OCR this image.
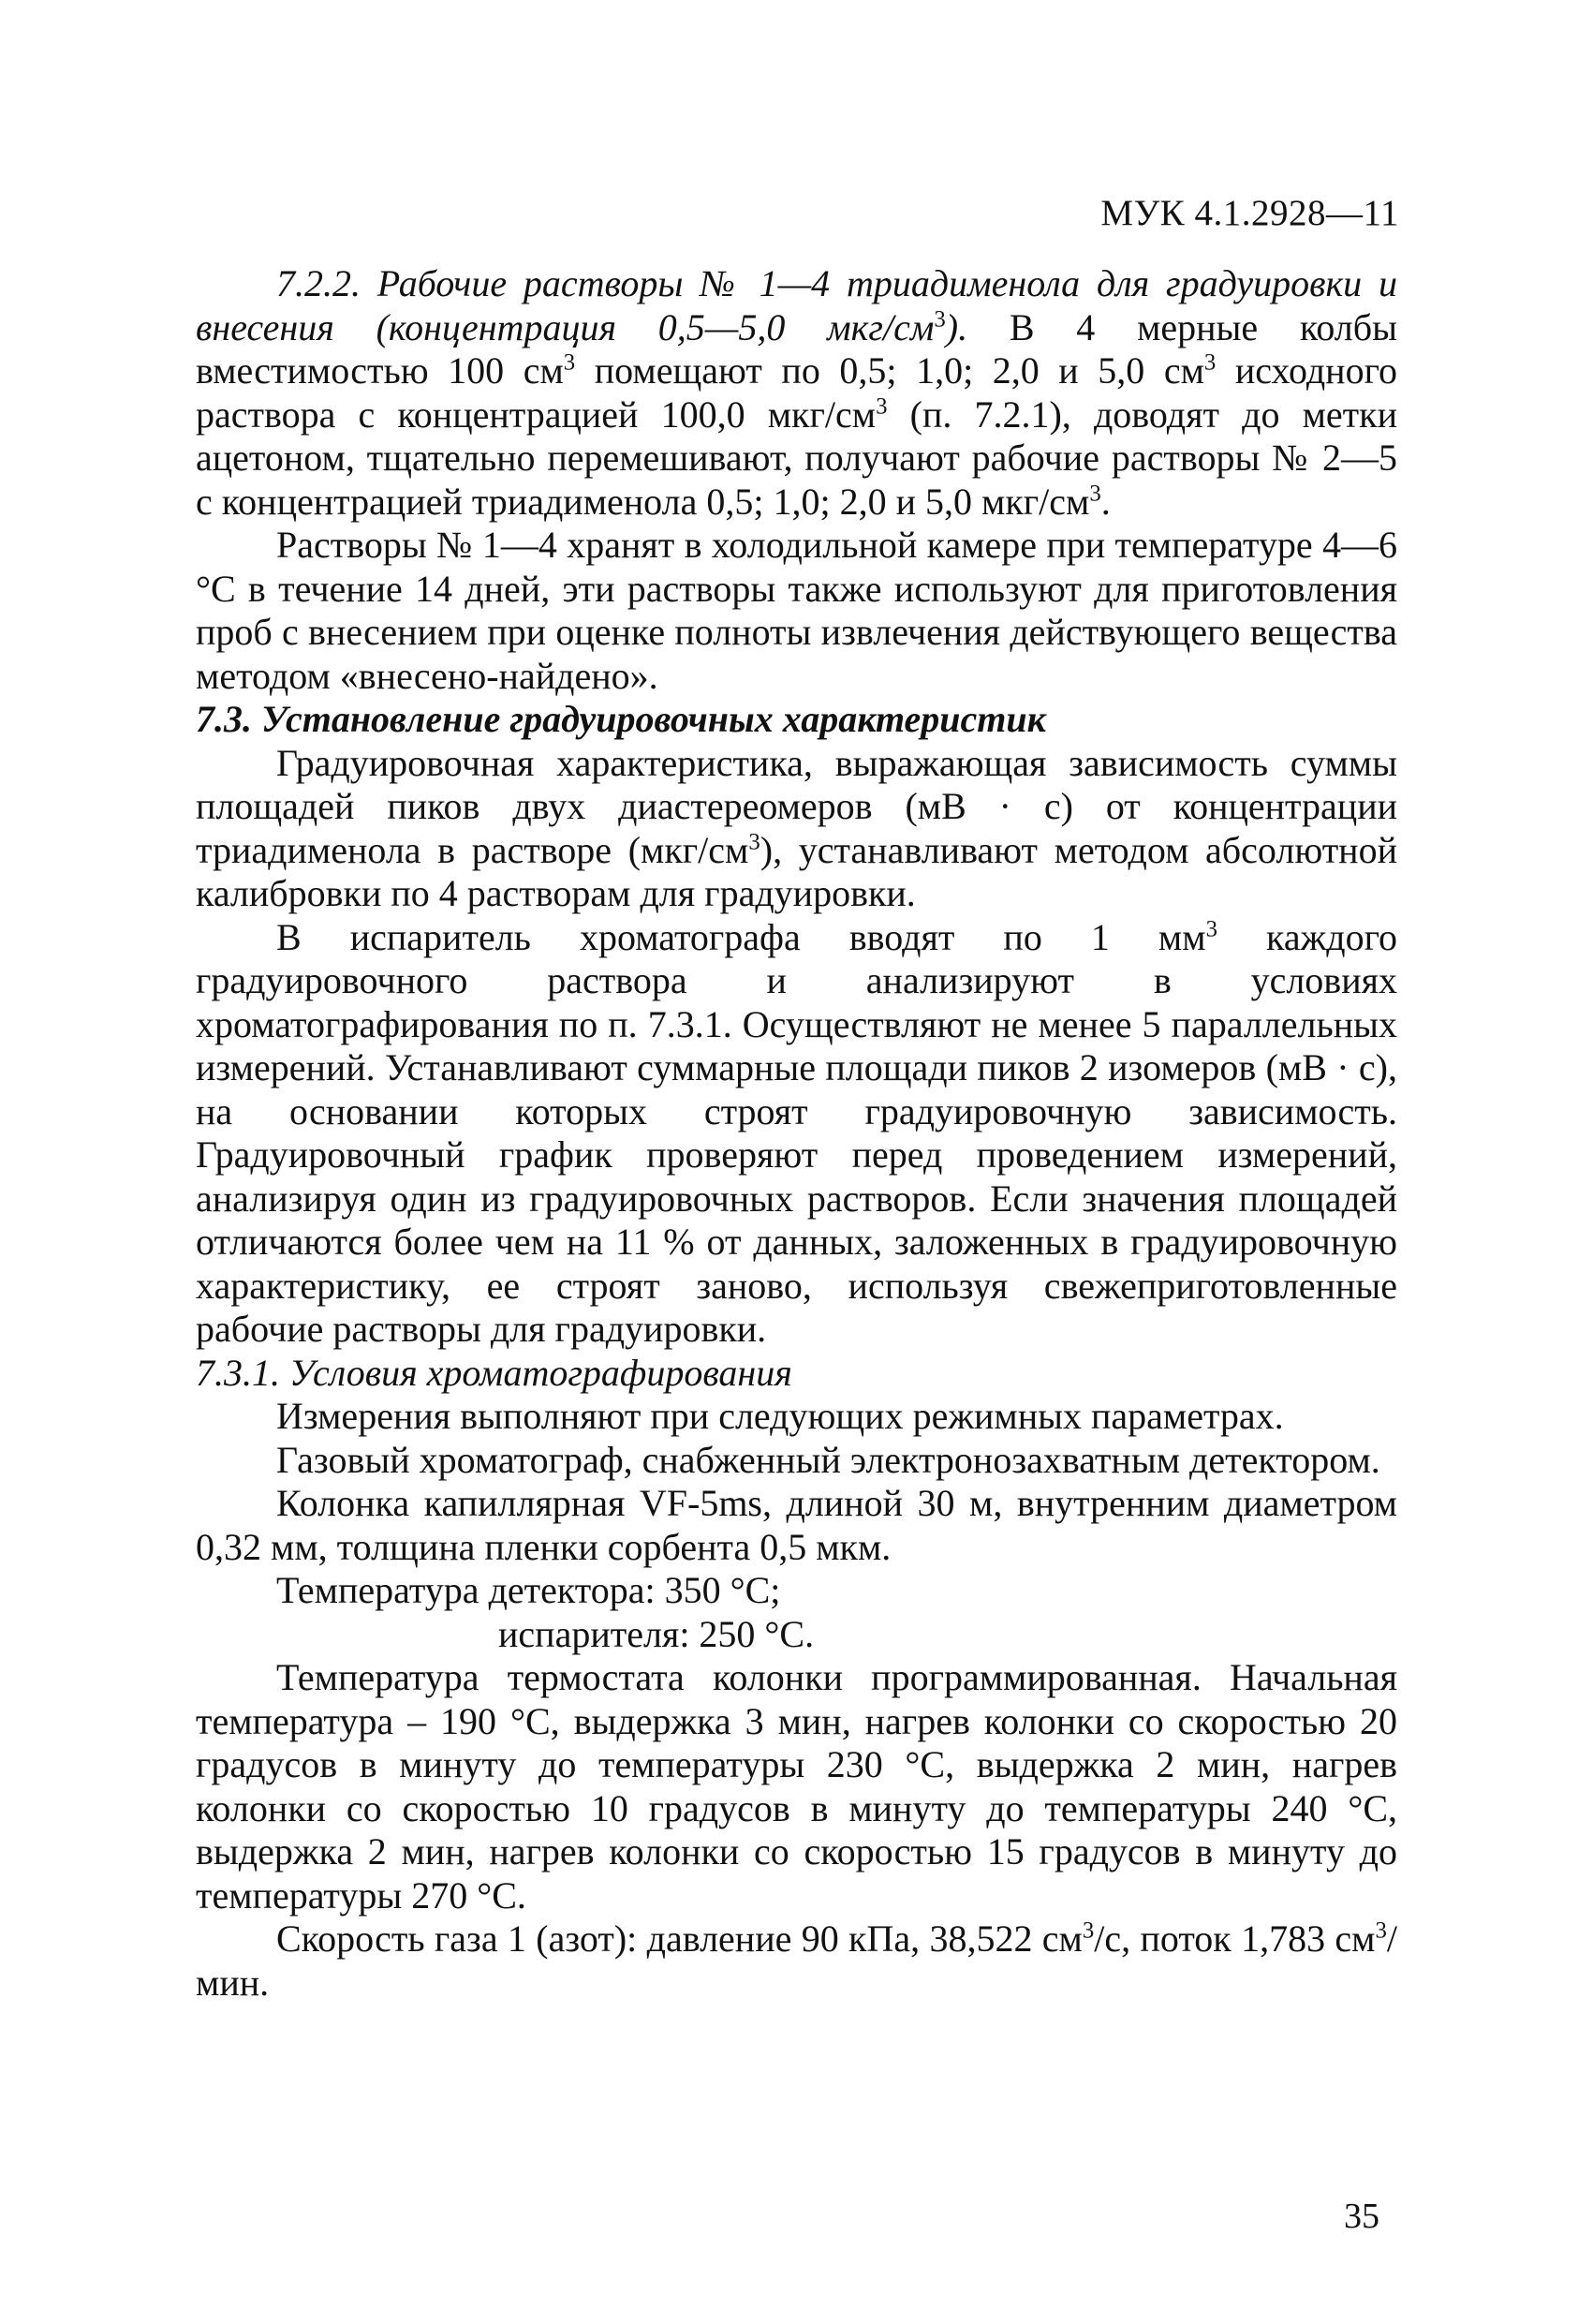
МУК 4.1.2928—11

7.2.2. Рабочие растворы № 1—4 триадименола для градуировки и внесения (концентрация 0,5—5,0 мкг/$см^3$). В 4 мерные колбы вместимостью 100 $см^3$ помещают по 0,5; 1,0; 2,0 и 5,0 $см^3$ исходного раствора с концентрацией 100,0 мкг/$см^3$ (п. 7.2.1), доводят до метки ацетоном, тщательно перемешивают, получают рабочие растворы № 2—5 с концентрацией триадименола 0,5; 1,0; 2,0 и 5,0 мкг/$см^3$.

Растворы № 1—4 хранят в холодильной камере при температуре 4—6 °С в течение 14 дней, эти растворы также используют для приготовления проб с внесением при оценке полноты извлечения действующего вещества методом «внесено-найдено».

7.3. Установление градуировочных характеристик

Градуировочная характеристика, выражающая зависимость суммы площадей пиков двух диастереомеров (мВ · с) от концентрации триадименола в растворе $(мкг/см^3)$, устанавливают методом абсолютной калибровки по 4 растворам для градуировки.

В испаритель хроматографа вводят по 1 $мм^3$ каждого градуировочного раствора и анализируют в условиях хроматографирования по п. 7.3.1. Осуществляют не менее 5 параллельных измерений. Устанавливают суммарные площади пиков 2 изомеров (мВ · с), на основании которых строят градуировочную зависимость. Градуировочный график проверяют перед проведением измерений, анализируя один из градуировочных растворов. Если значения площадей отличаются более чем на 11 % от данных, заложенных в градуировочную характеристику, ее строят заново, используя свежеприготовленные рабочие растворы для градуировки.

7.3.1. Условия хроматографирования

Измерения выполняют при следующих режимных параметрах.

Газовый хроматограф, снабженный электронозахватным детектором.

Колонка капиллярная VF-5ms, длиной 30 м, внутренним диаметром 0,32 мм, толщина пленки сорбента 0,5 мкм.

Температура детектора: 350 °С;

испарителя: 250 °С.

Температура термостата колонки программированная. Начальная температура – 190 °С, выдержка 3 мин, нагрев колонки со скоростью 20 градусов в минуту до температуры 230 °С, выдержка 2 мин, нагрев колонки со скоростью 10 градусов в минуту до температуры 240 °С, выдержка 2 мин, нагрев колонки со скоростью 15 градусов в минуту до температуры 270 °С.

Скорость газа 1 (азот): давление 90 кПа, 38,522 $см^3/с$, поток 1,783 $см^3$/мин.

35
